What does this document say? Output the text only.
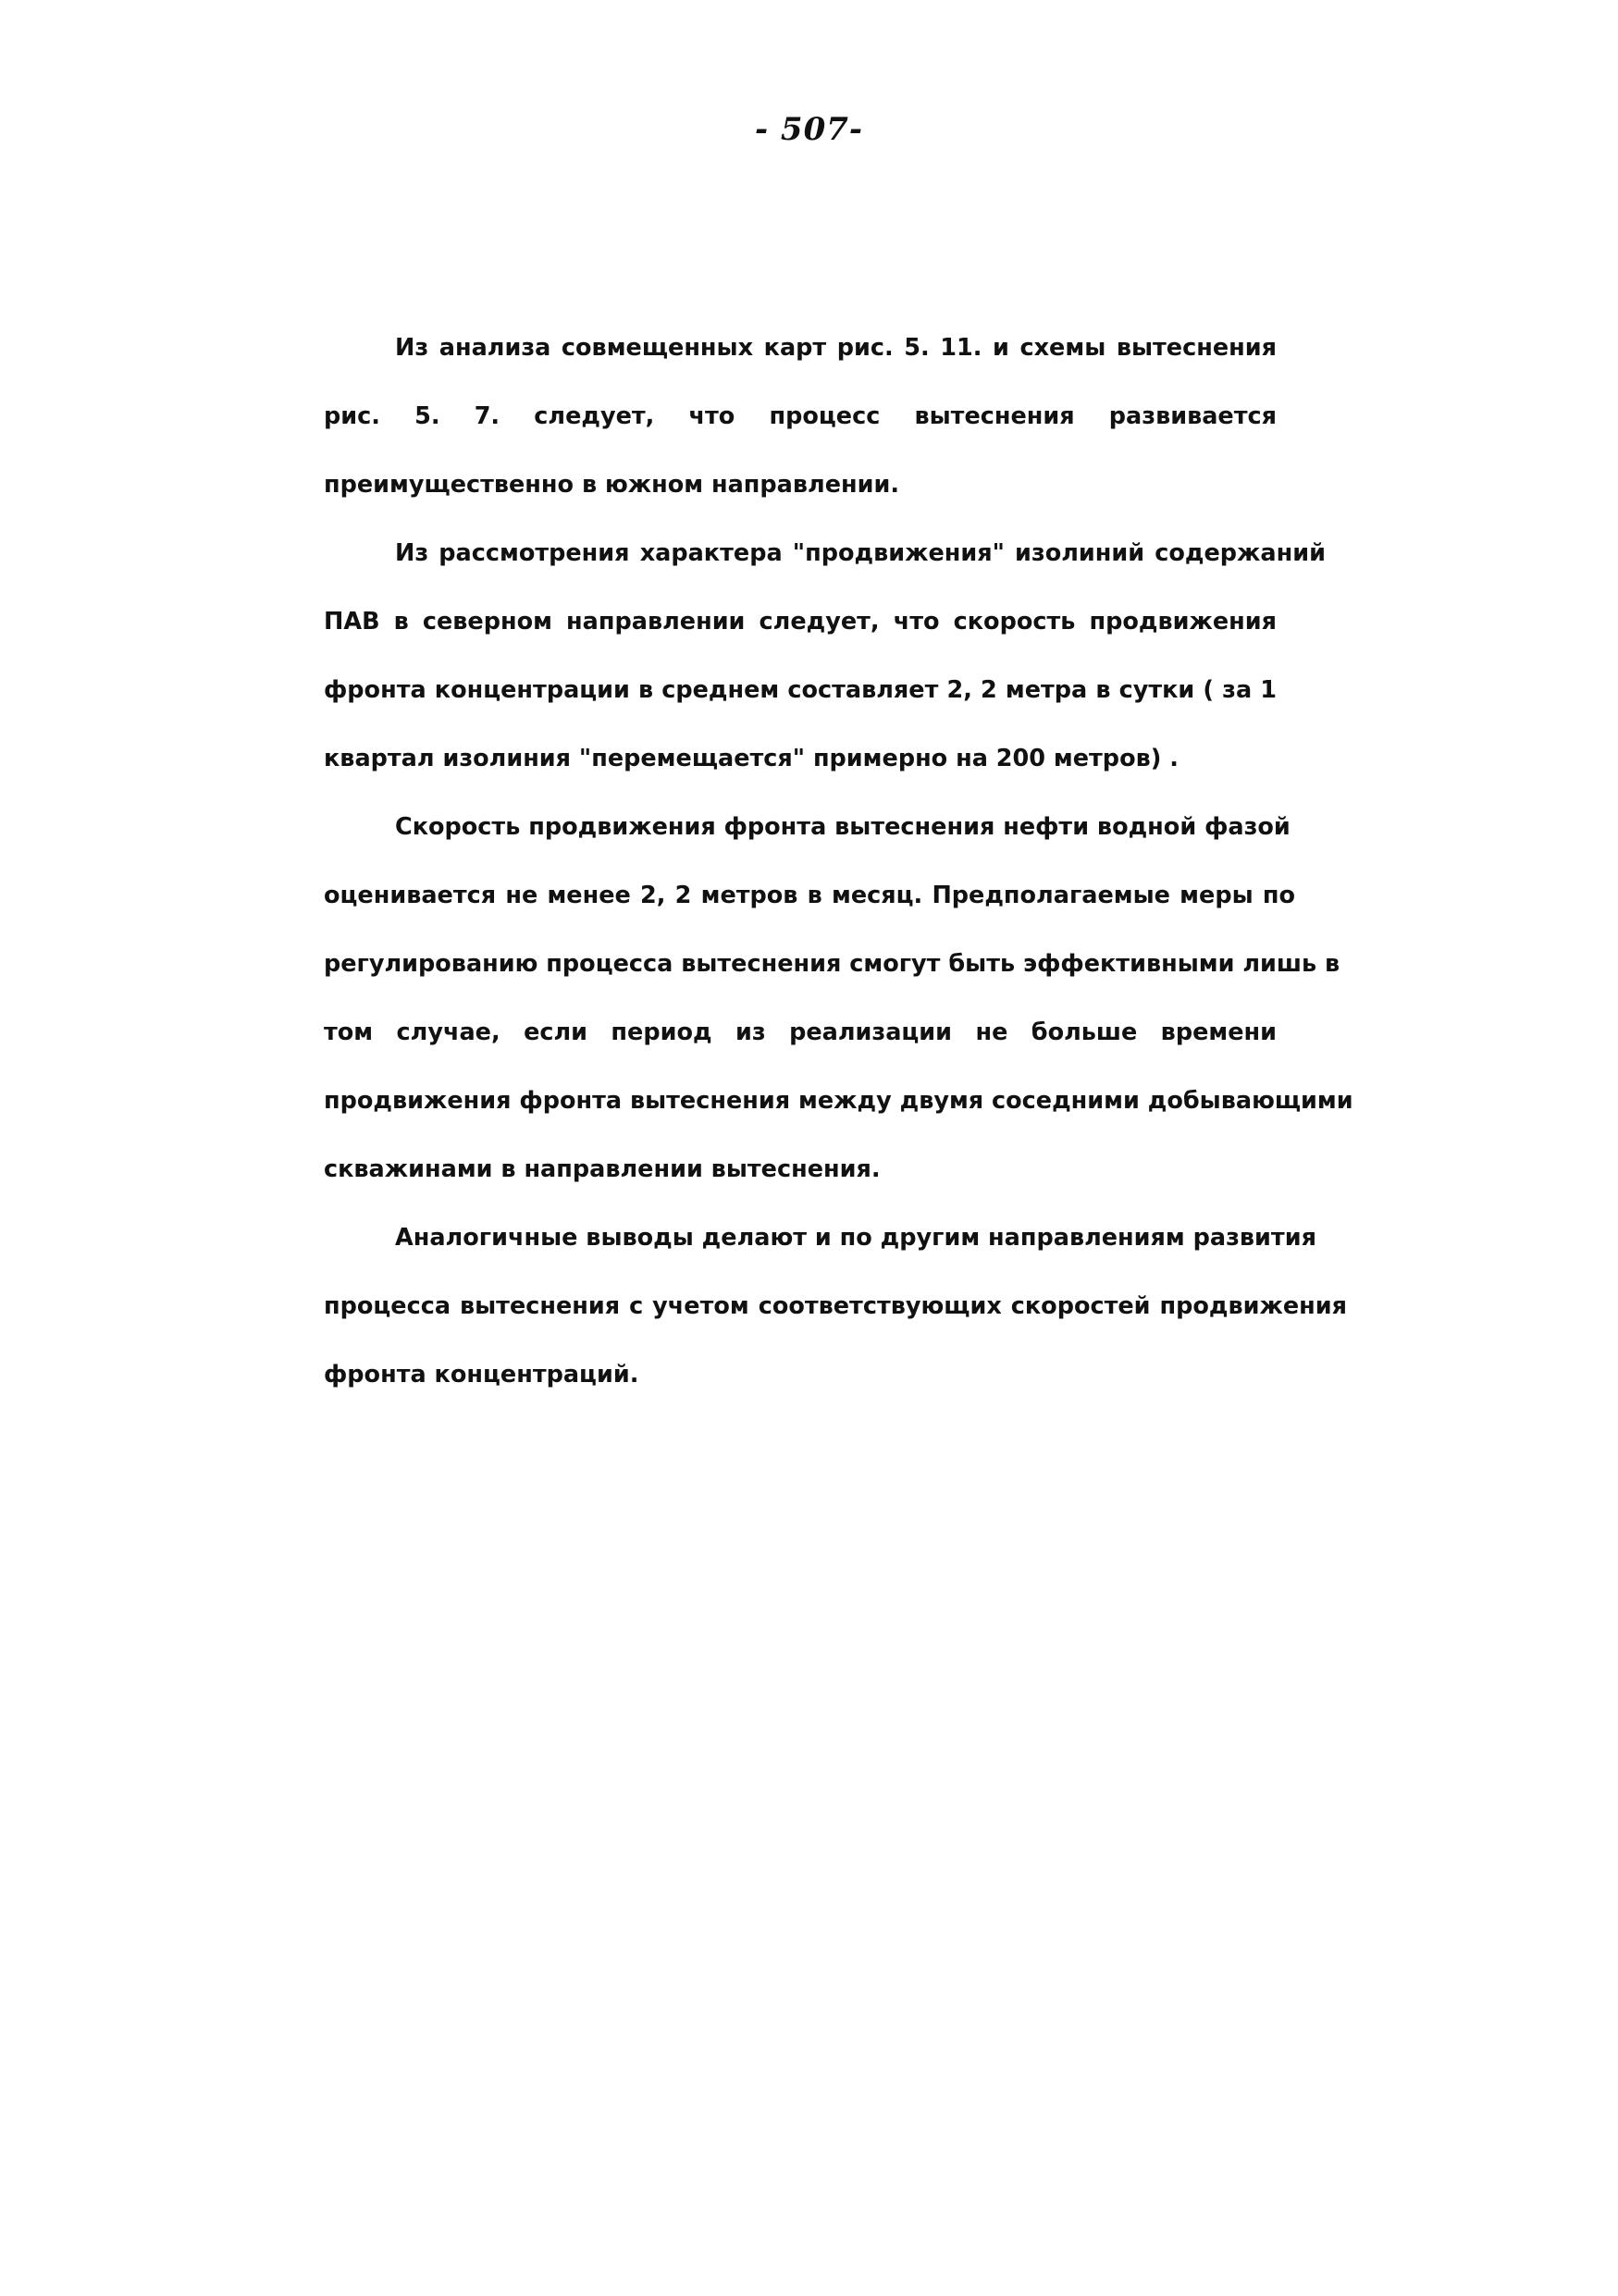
- 507-
Из анализа совмещенных карт рис. 5. 11. и схемы вытеснения
рис. 5. 7. следует, что процесс вытеснения развивается
преимущественно в южном направлении.
Из рассмотрения характера "продвижения" изолиний содержаний
ПАВ в северном направлении следует, что скорость продвижения
фронта концентрации в среднем составляет 2, 2 метра в сутки ( за 1
квартал изолиния "перемещается" примерно на 200 метров) .
Скорость продвижения фронта вытеснения нефти водной фазой
оценивается не менее 2, 2 метров в месяц. Предполагаемые меры по
регулированию процесса вытеснения смогут быть эффективными лишь в
том случае, если период из реализации не больше времени
продвижения фронта вытеснения между двумя соседними добывающими
скважинами в направлении вытеснения.
Аналогичные выводы делают и по другим направлениям развития
процесса вытеснения с учетом соответствующих скоростей продвижения
фронта концентраций.
